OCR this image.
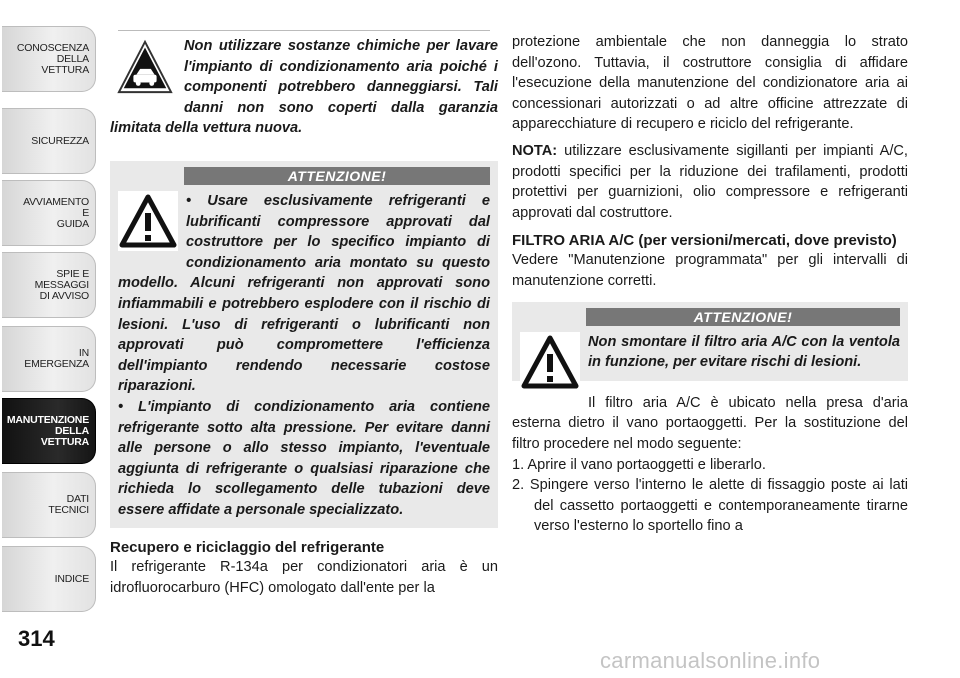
CONOSCENZA
DELLA
VETTURA
SICUREZZA
AVVIAMENTO
E
GUIDA
SPIE E
MESSAGGI
DI AVVISO
IN
EMERGENZA
MANUTENZIONE
DELLA
VETTURA
DATI
TECNICI
INDICE
314

Non utilizzare sostanze chimiche per lavare l'impianto di condizionamento aria poiché i componenti potrebbero danneggiarsi. Tali danni non sono coperti dalla garanzia limitata della vettura nuova.

ATTENZIONE!

• Usare esclusivamente refrigeranti e lubrificanti compressore approvati dal costruttore per lo specifico impianto di condizionamento aria montato su questo modello. Alcuni refrigeranti non approvati sono infiammabili e potrebbero esplodere con il rischio di lesioni. L'uso di refrigeranti o lubrificanti non approvati può compromettere l'efficienza dell'impianto rendendo necessarie costose riparazioni.

• L'impianto di condizionamento aria contiene refrigerante sotto alta pressione. Per evitare danni alle persone o allo stesso impianto, l'eventuale aggiunta di refrigerante o qualsiasi riparazione che richieda lo scollegamento delle tubazioni deve essere affidate a personale specializzato.

Recupero e riciclaggio del refrigerante

Il refrigerante R-134a per condizionatori aria è un idrofluorocarburo (HFC) omologato dall'ente per la

protezione ambientale che non danneggia lo strato dell'ozono. Tuttavia, il costruttore consiglia di affidare l'esecuzione della manutenzione del condizionatore aria ai concessionari autorizzati o ad altre officine attrezzate di apparecchiature di recupero e riciclo del refrigerante.

NOTA: utilizzare esclusivamente sigillanti per impianti A/C, prodotti specifici per la riduzione dei trafilamenti, prodotti protettivi per guarnizioni, olio compressore e refrigeranti approvati dal costruttore.

FILTRO ARIA A/C (per versioni/mercati, dove previsto)

Vedere "Manutenzione programmata" per gli intervalli di manutenzione corretti.

ATTENZIONE!

Non smontare il filtro aria A/C con la ventola in funzione, per evitare rischi di lesioni.

Il filtro aria A/C è ubicato nella presa d'aria esterna dietro il vano portaoggetti. Per la sostituzione del filtro procedere nel modo seguente:

1. Aprire il vano portaoggetti e liberarlo.
2. Spingere verso l'interno le alette di fissaggio poste ai lati del cassetto portaoggetti e contemporaneamente tirarne verso l'esterno lo sportello fino a
carmanualsonline.info
